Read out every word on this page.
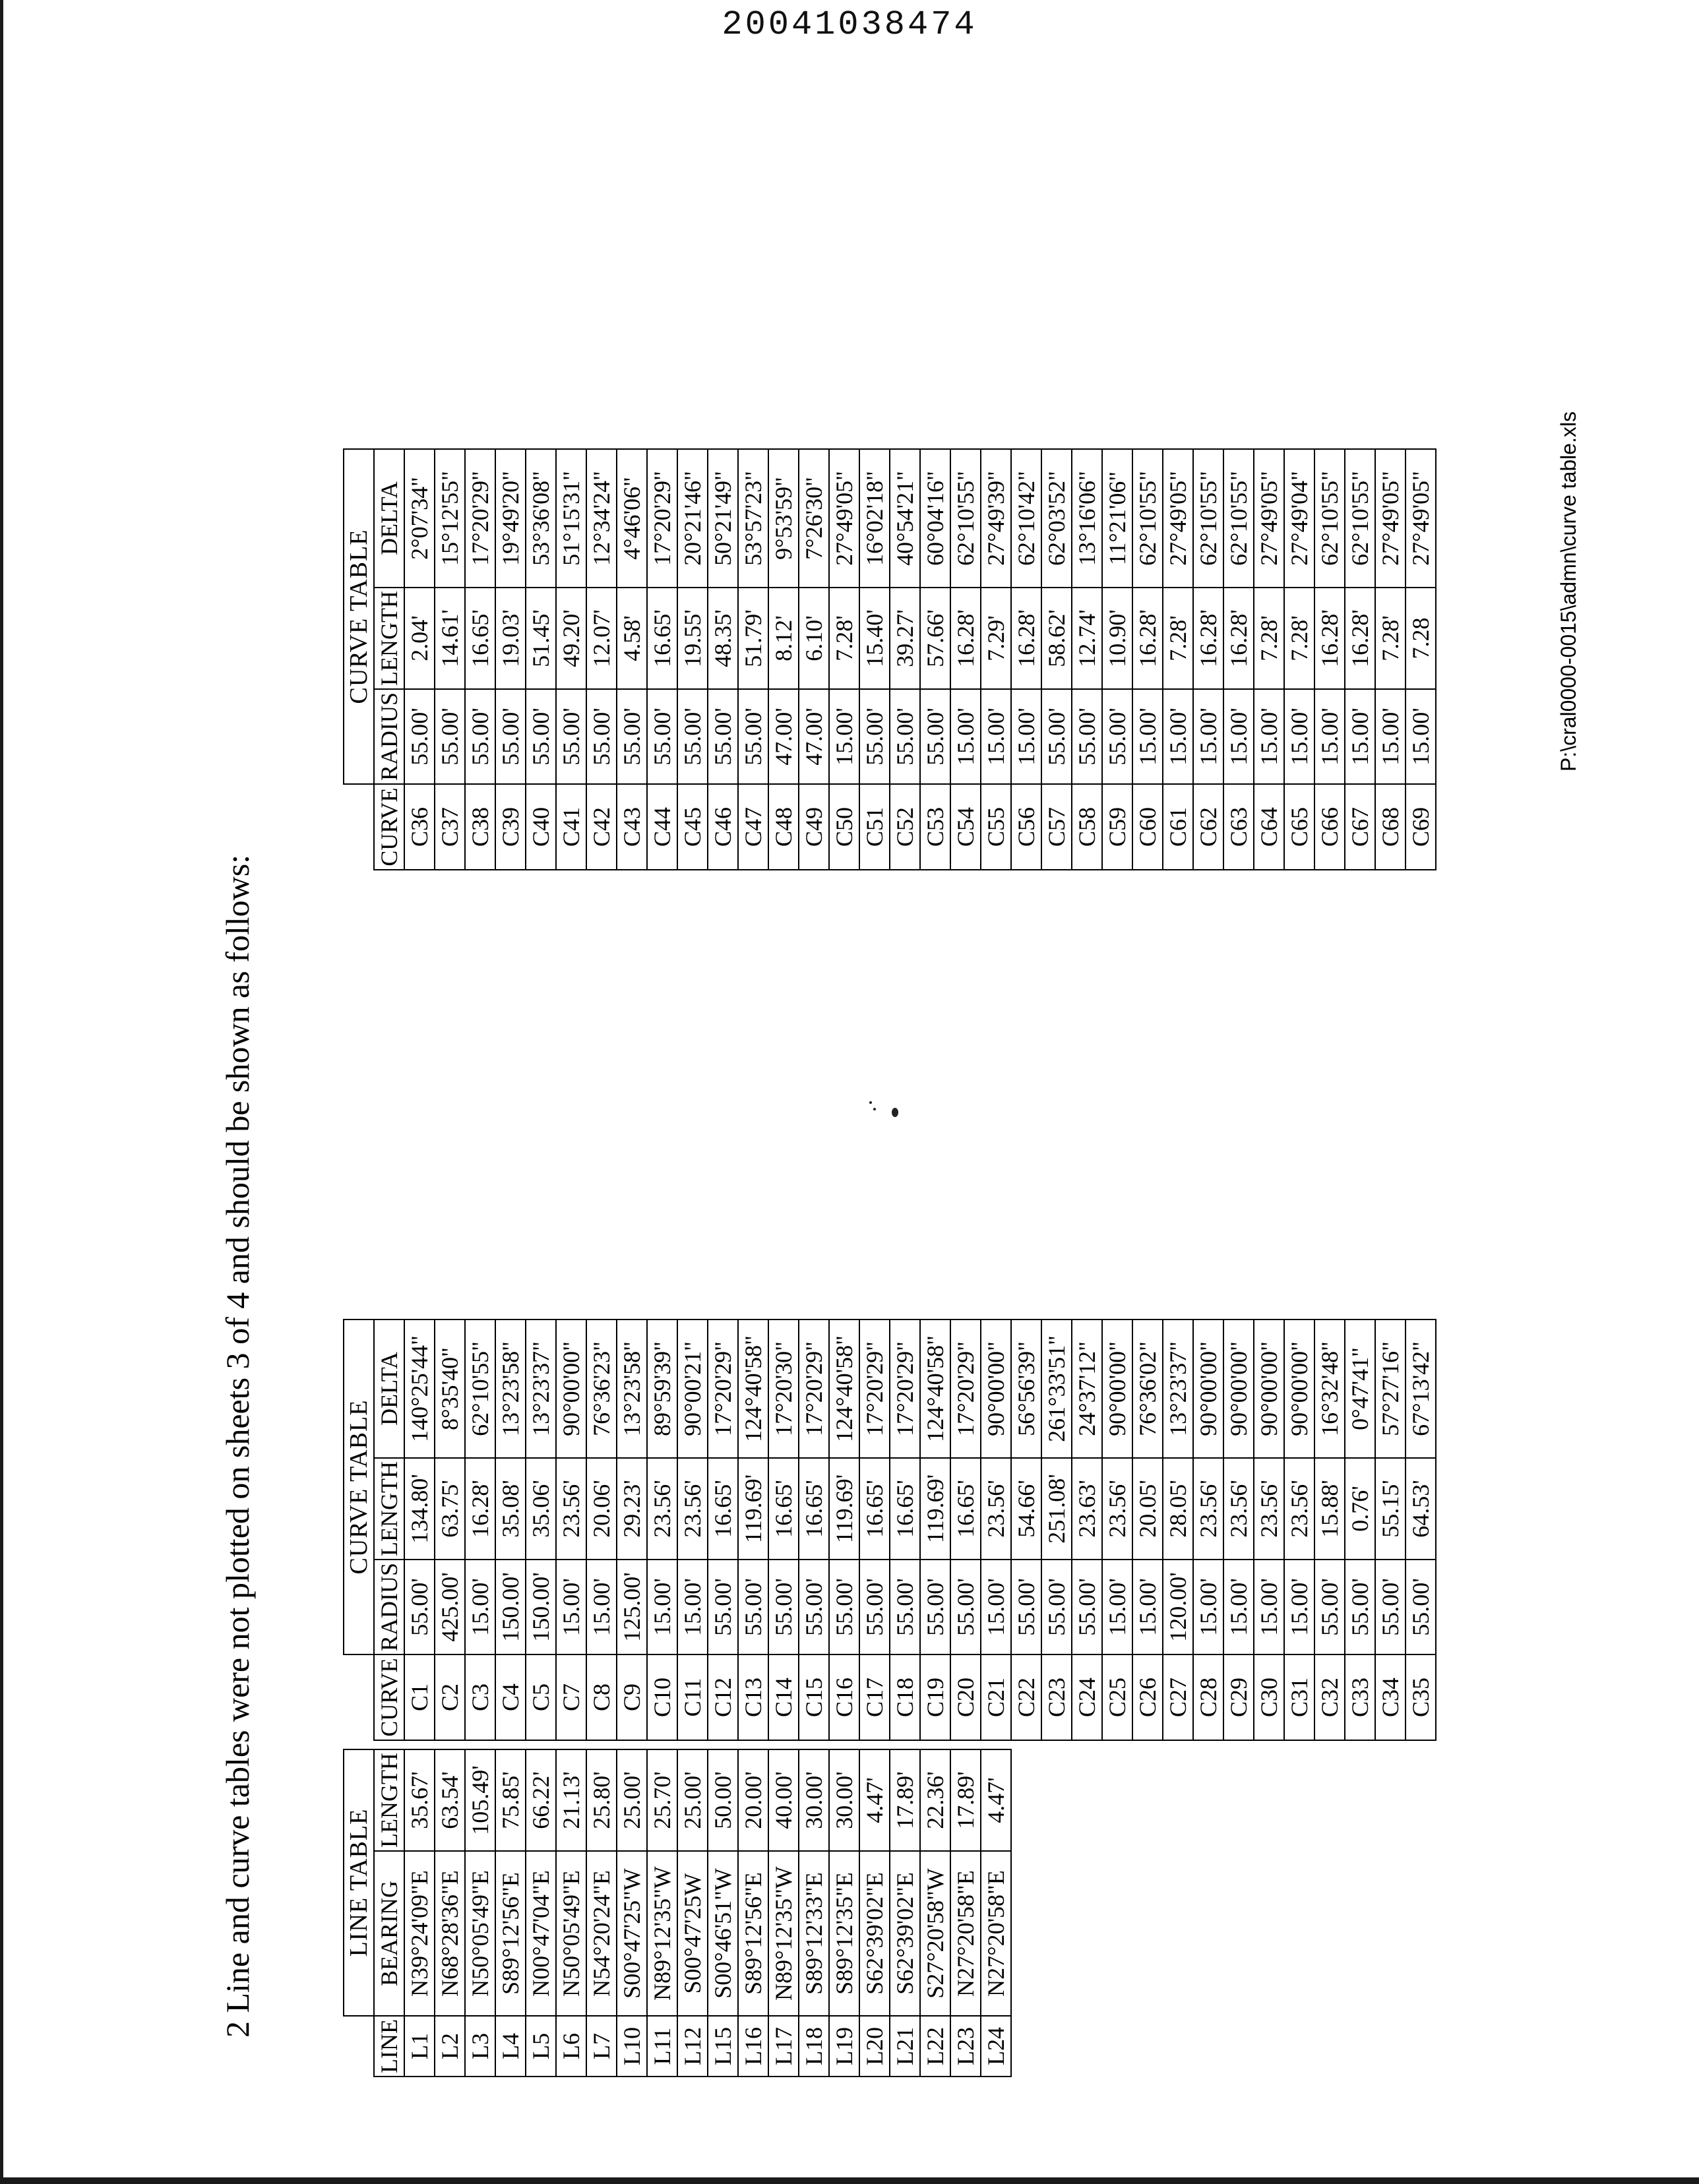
20041038474
2 Line and curve tables were not plotted on sheets 3 of 4 and should be shown as follows:
		LINE TABLE	
LINE	BEARING	LENGTH
L1	N39°24'09"E	35.67'
L2	N68°28'36"E	63.54'
L3	N50°05'49"E	105.49'
L4	S89°12'56"E	75.85'
L5	N00°47'04"E	66.22'
L6	N50°05'49"E	21.13'
L7	N54°20'24"E	25.80'
L10	S00°47'25"W	25.00'
L11	N89°12'35"W	25.70'
L12	S00°47'25W	25.00'
L15	S00°46'51"W	50.00'
L16	S89°12'56"E	20.00'
L17	N89°12'35"W	40.00'
L18	S89°12'33"E	30.00'
L19	S89°12'35"E	30.00'
L20	S62°39'02"E	4.47'
L21	S62°39'02"E	17.89'
L22	S27°20'58"W	22.36'
L23	N27°20'58"E	17.89'
L24	N27°20'58"E	4.47'
	CURVE TABLE		
CURVE	RADIUS	LENGTH	DELTA
C1	55.00'	134.80'	140°25'44"
C2	425.00'	63.75'	8°35'40"
C3	15.00'	16.28'	62°10'55"
C4	150.00'	35.08'	13°23'58"
C5	150.00'	35.06'	13°23'37"
C7	15.00'	23.56'	90°00'00"
C8	15.00'	20.06'	76°36'23"
C9	125.00'	29.23'	13°23'58"
C10	15.00'	23.56'	89°59'39"
C11	15.00'	23.56'	90°00'21"
C12	55.00'	16.65'	17°20'29"
C13	55.00'	119.69'	124°40'58"
C14	55.00'	16.65'	17°20'30"
C15	55.00'	16.65'	17°20'29"
C16	55.00'	119.69'	124°40'58"
C17	55.00'	16.65'	17°20'29"
C18	55.00'	16.65'	17°20'29"
C19	55.00'	119.69'	124°40'58"
C20	55.00'	16.65'	17°20'29"
C21	15.00'	23.56'	90°00'00"
C22	55.00'	54.66'	56°56'39"
C23	55.00'	251.08'	261°33'51"
C24	55.00'	23.63'	24°37'12"
C25	15.00'	23.56'	90°00'00"
C26	15.00'	20.05'	76°36'02"
C27	120.00'	28.05'	13°23'37"
C28	15.00'	23.56'	90°00'00"
C29	15.00'	23.56'	90°00'00"
C30	15.00'	23.56'	90°00'00"
C31	15.00'	23.56'	90°00'00"
C32	55.00'	15.88'	16°32'48"
C33	55.00'	0.76'	0°47'41"
C34	55.00'	55.15'	57°27'16"
C35	55.00'	64.53'	67°13'42"
	CURVE TABLE		
CURVE	RADIUS	LENGTH	DELTA
C36	55.00'	2.04'	2°07'34"
C37	55.00'	14.61'	15°12'55"
C38	55.00'	16.65'	17°20'29"
C39	55.00'	19.03'	19°49'20"
C40	55.00'	51.45'	53°36'08"
C41	55.00'	49.20'	51°15'31"
C42	55.00'	12.07'	12°34'24"
C43	55.00'	4.58'	4°46'06"
C44	55.00'	16.65'	17°20'29"
C45	55.00'	19.55'	20°21'46"
C46	55.00'	48.35'	50°21'49"
C47	55.00'	51.79'	53°57'23"
C48	47.00'	8.12'	9°53'59"
C49	47.00'	6.10'	7°26'30"
C50	15.00'	7.28'	27°49'05"
C51	55.00'	15.40'	16°02'18"
C52	55.00'	39.27'	40°54'21"
C53	55.00'	57.66'	60°04'16"
C54	15.00'	16.28'	62°10'55"
C55	15.00'	7.29'	27°49'39"
C56	15.00'	16.28'	62°10'42"
C57	55.00'	58.62'	62°03'52"
C58	55.00'	12.74'	13°16'06"
C59	55.00'	10.90'	11°21'06"
C60	15.00'	16.28'	62°10'55"
C61	15.00'	7.28'	27°49'05"
C62	15.00'	16.28'	62°10'55"
C63	15.00'	16.28'	62°10'55"
C64	15.00'	7.28'	27°49'05"
C65	15.00'	7.28'	27°49'04"
C66	15.00'	16.28'	62°10'55"
C67	15.00'	16.28'	62°10'55"
C68	15.00'	7.28'	27°49'05"
C69	15.00'	7.28	27°49'05"	P:\cral0000-0015\admn\curve table.xls
